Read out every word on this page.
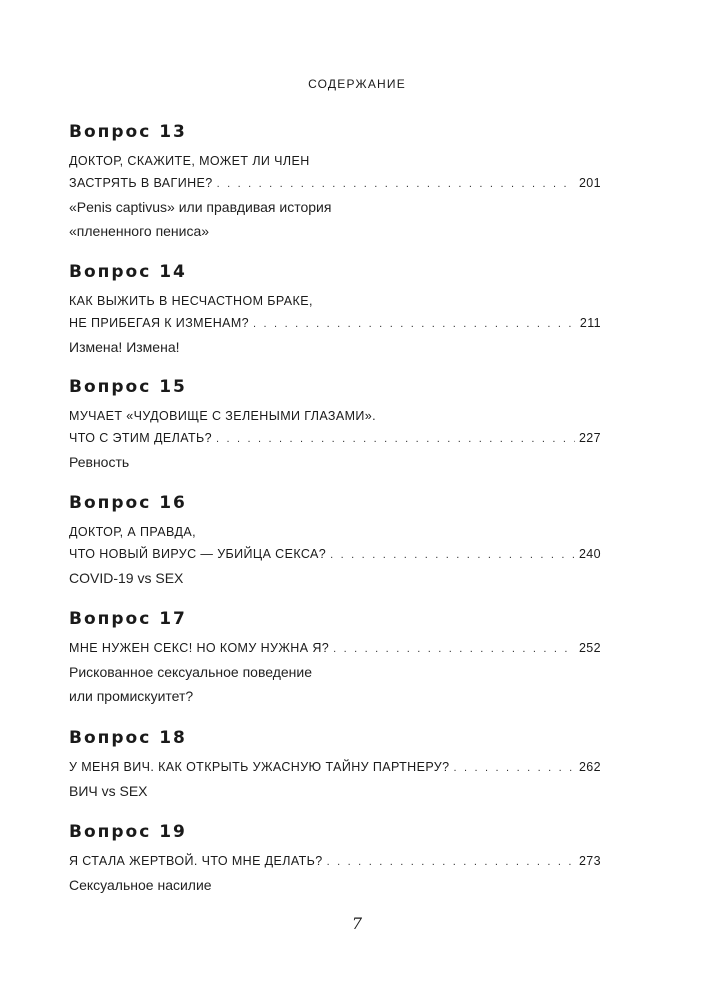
СОДЕРЖАНИЕ
Вопрос 13
ДОКТОР, СКАЖИТЕ, МОЖЕТ ЛИ ЧЛЕН
ЗАСТРЯТЬ В ВАГИНЕ? . . .	201
«Penis captivus» или правдивая история
«плененного пениса»
Вопрос 14
КАК ВЫЖИТЬ В НЕСЧАСТНОМ БРАКЕ,
НЕ ПРИБЕГАЯ К ИЗМЕНАМ? . . .	211
Измена! Измена!
Вопрос 15
МУЧАЕТ «ЧУДОВИЩЕ С ЗЕЛЕНЫМИ ГЛАЗАМИ».
ЧТО С ЭТИМ ДЕЛАТЬ? . . .	227
Ревность
Вопрос 16
ДОКТОР, А ПРАВДА,
ЧТО НОВЫЙ ВИРУС — УБИЙЦА СЕКСА? . . .	240
COVID-19 vs SEX
Вопрос 17
МНЕ НУЖЕН СЕКС! НО КОМУ НУЖНА Я? . . .	252
Рискованное сексуальное поведение
или промискуитет?
Вопрос 18
У МЕНЯ ВИЧ. КАК ОТКРЫТЬ УЖАСНУЮ ТАЙНУ ПАРТНЕРУ? . . .	262
ВИЧ vs SEX
Вопрос 19
Я СТАЛА ЖЕРТВОЙ. ЧТО МНЕ ДЕЛАТЬ? . . .	273
Сексуальное насилие
7
